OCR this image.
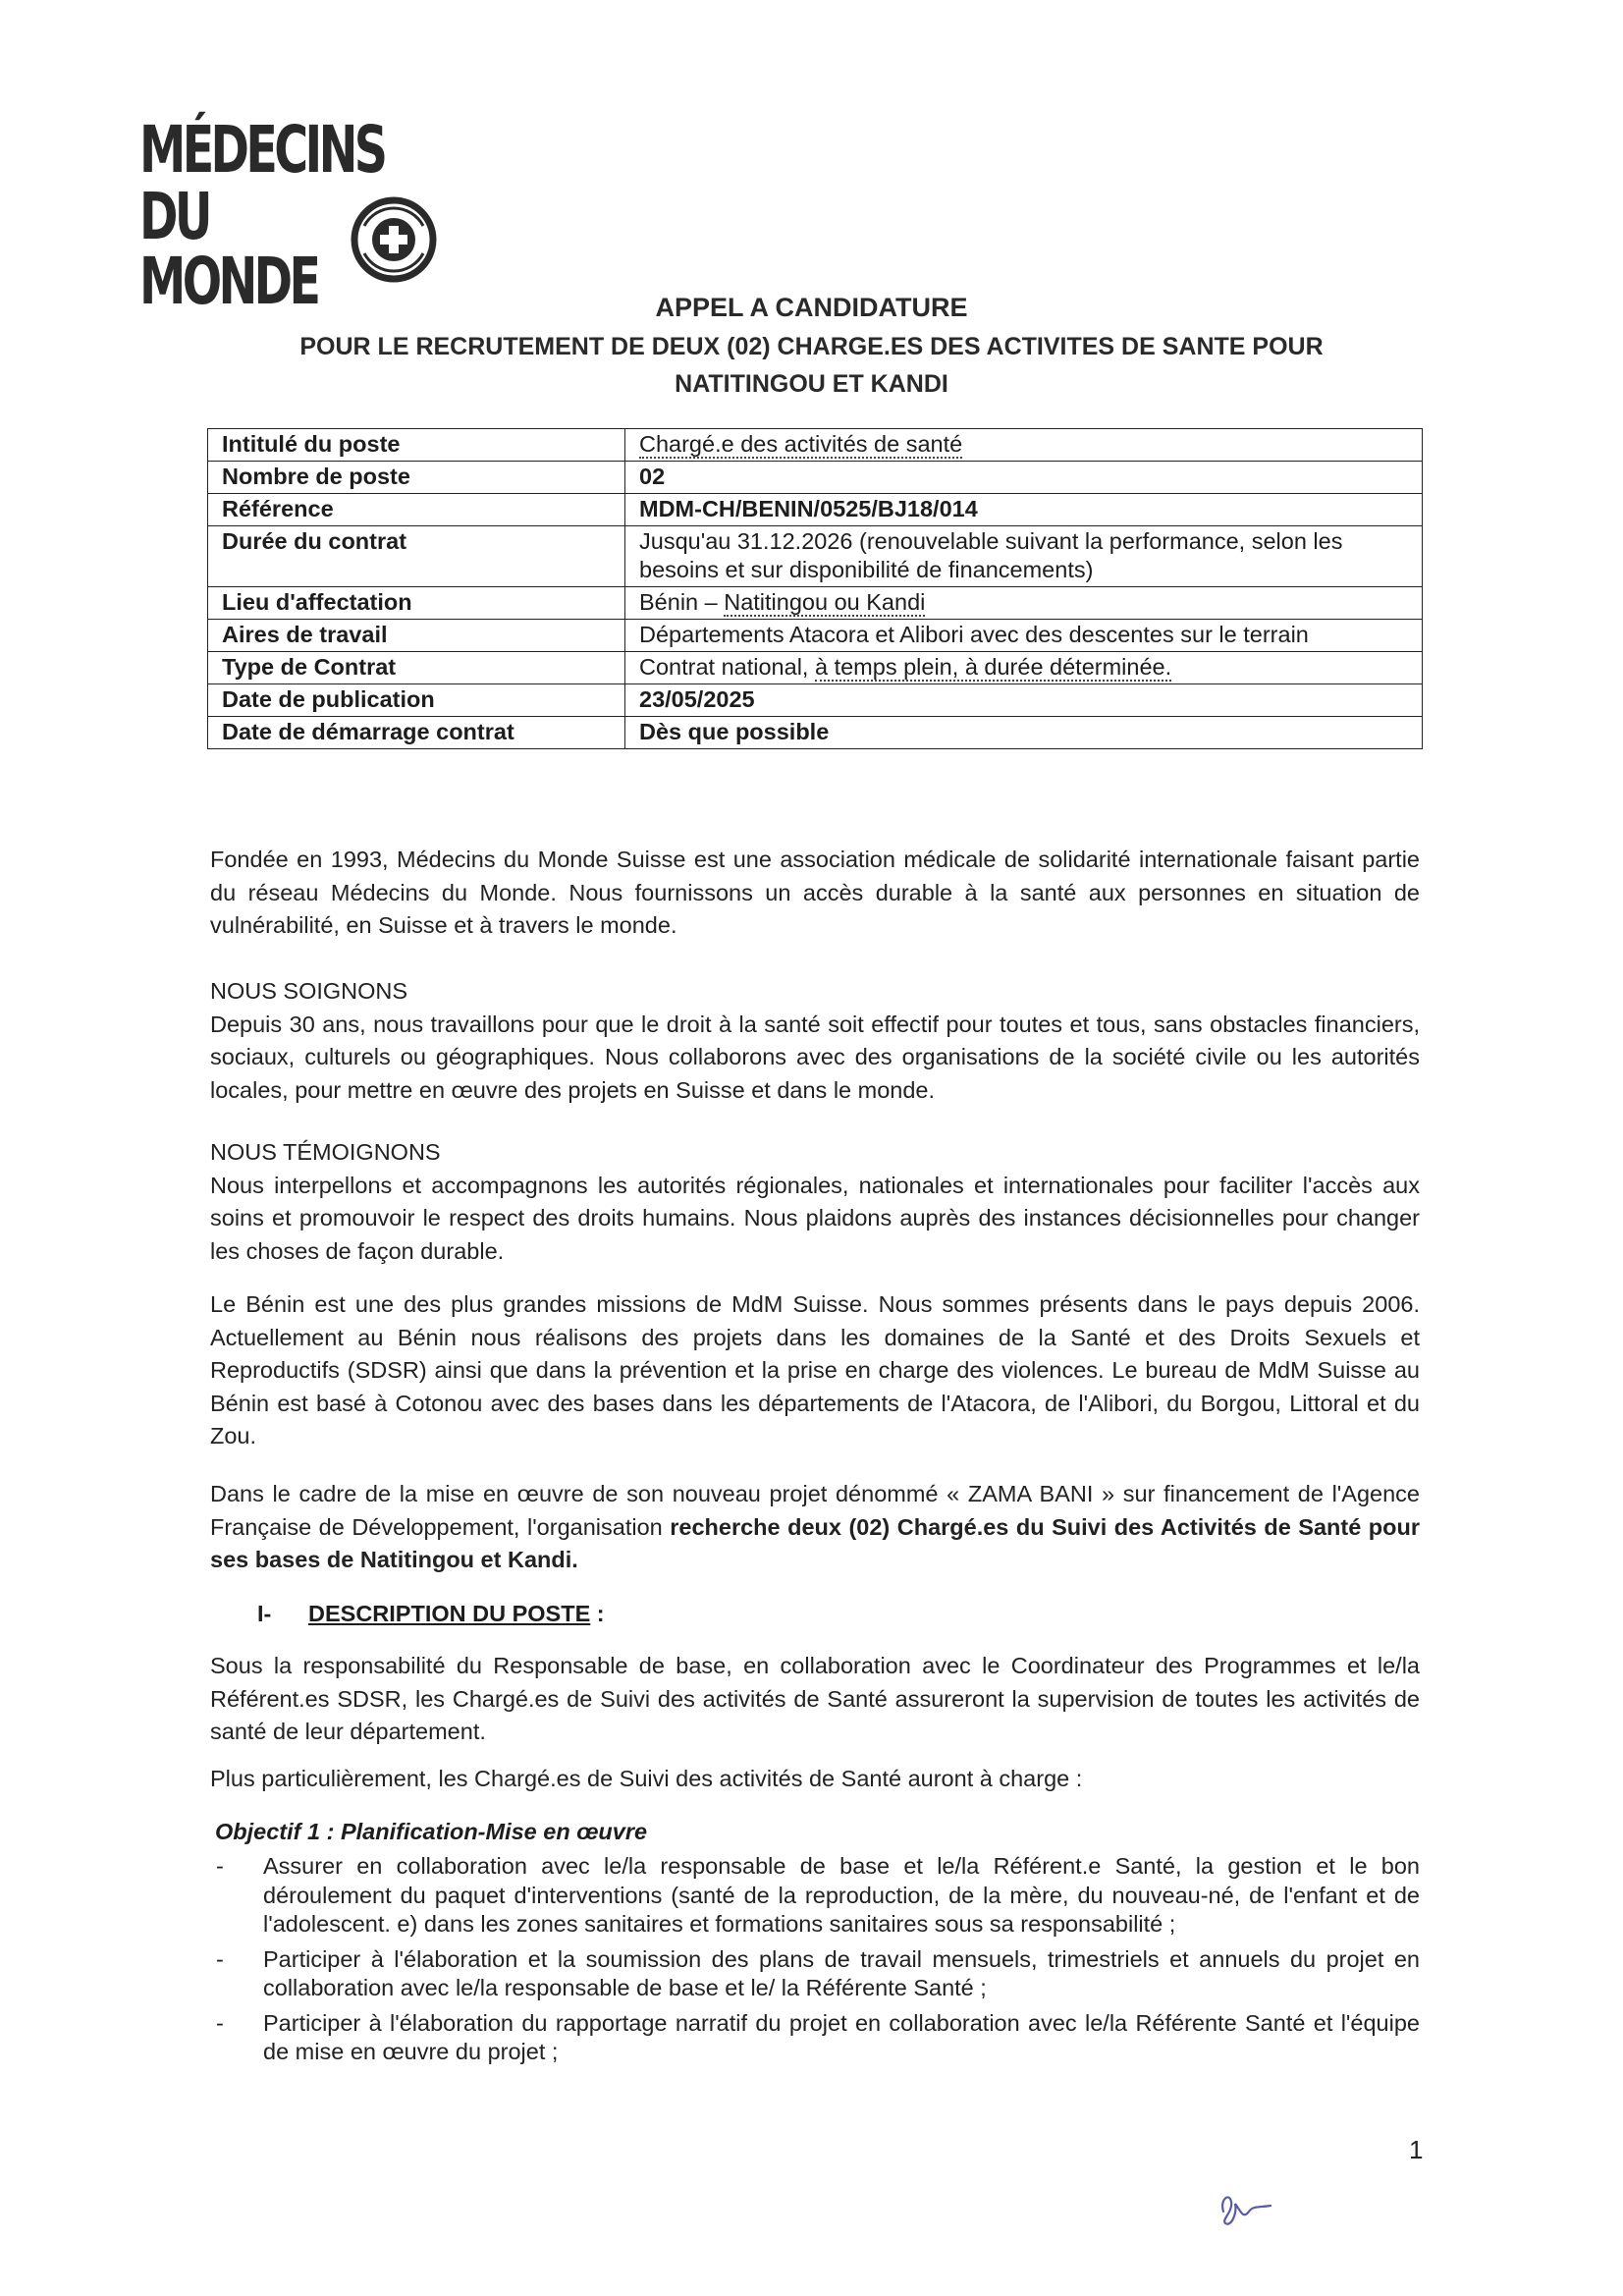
MÉDECINS
DU MONDE	APPEL A CANDIDATURE
POUR LE RECRUTEMENT DE DEUX (02) CHARGE.ES DES ACTIVITES DE SANTE POUR
NATITINGOU ET KANDI
Intitulé du poste	Chargé.e des activités de santé
Nombre de poste	02
Référence	MDM-CH/BENIN/0525/BJ18/014
Durée du contrat	Jusqu'au 31.12.2026 (renouvelable suivant la performance, selon les besoins et sur disponibilité de financements)
Lieu d'affectation	Bénin – Natitingou ou Kandi
Aires de travail	Départements Atacora et Alibori avec des descentes sur le terrain
Type de Contrat	Contrat national, à temps plein, à durée déterminée.
Date de publication	23/05/2025
Date de démarrage contrat	Dès que possible

Fondée en 1993, Médecins du Monde Suisse est une association médicale de solidarité internationale faisant partie du réseau Médecins du Monde. Nous fournissons un accès durable à la santé aux personnes en situation de vulnérabilité, en Suisse et à travers le monde.

NOUS SOIGNONS

Depuis 30 ans, nous travaillons pour que le droit à la santé soit effectif pour toutes et tous, sans obstacles financiers, sociaux, culturels ou géographiques. Nous collaborons avec des organisations de la société civile ou les autorités locales, pour mettre en œuvre des projets en Suisse et dans le monde.

NOUS TÉMOIGNONS

Nous interpellons et accompagnons les autorités régionales, nationales et internationales pour faciliter l'accès aux soins et promouvoir le respect des droits humains. Nous plaidons auprès des instances décisionnelles pour changer les choses de façon durable.

Le Bénin est une des plus grandes missions de MdM Suisse. Nous sommes présents dans le pays depuis 2006. Actuellement au Bénin nous réalisons des projets dans les domaines de la Santé et des Droits Sexuels et Reproductifs (SDSR) ainsi que dans la prévention et la prise en charge des violences. Le bureau de MdM Suisse au Bénin est basé à Cotonou avec des bases dans les départements de l'Atacora, de l'Alibori, du Borgou, Littoral et du Zou.

Dans le cadre de la mise en œuvre de son nouveau projet dénommé « ZAMA BANI » sur financement de l'Agence Française de Développement, l'organisation recherche deux (02) Chargé.es du Suivi des Activités de Santé pour ses bases de Natitingou et Kandi.

I- DESCRIPTION DU POSTE :

Sous la responsabilité du Responsable de base, en collaboration avec le Coordinateur des Programmes et le/la Référent.es SDSR, les Chargé.es de Suivi des activités de Santé assureront la supervision de toutes les activités de santé de leur département.

Plus particulièrement, les Chargé.es de Suivi des activités de Santé auront à charge :

Objectif 1 : Planification-Mise en œuvre
- Assurer en collaboration avec le/la responsable de base et le/la Référent.e Santé, la gestion et le bon déroulement du paquet d'interventions (santé de la reproduction, de la mère, du nouveau-né, de l'enfant et de l'adolescent. e) dans les zones sanitaires et formations sanitaires sous sa responsabilité ;
- Participer à l'élaboration et la soumission des plans de travail mensuels, trimestriels et annuels du projet en collaboration avec le/la responsable de base et le/ la Référente Santé ;
- Participer à l'élaboration du rapportage narratif du projet en collaboration avec le/la Référente Santé et l'équipe de mise en œuvre du projet ;
1
